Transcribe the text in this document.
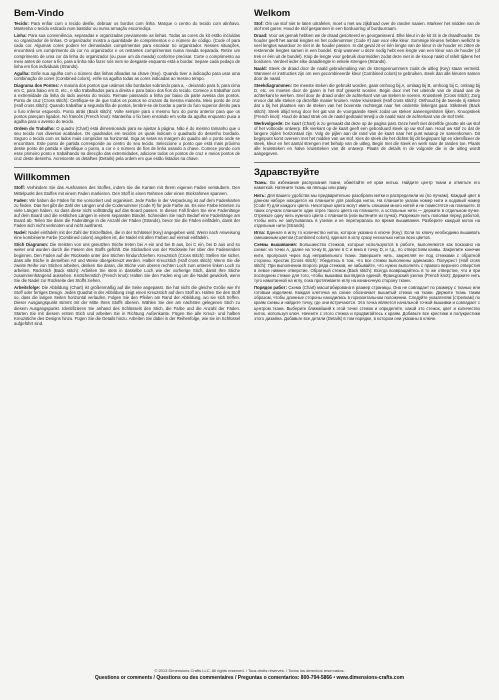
Bem-Vindo

Tecido: Para enfiar com o tecido desfie, debruar os bordos com linha. Marque o centro do tecido com alinhavo. Mantenha o tecido esticado num bastidor ou numa armação escorrediça.

Linha: Para sua conveniência, separadas e organizadas previamente as linhas. Todas as cores do kit estão incluídas no organizador de linhas. O organizador mostra a quantidade de comprimentos e o número de código. (Code of para cada cor. Algumas cores podem ter demasiados comprimentos para encaixar no organizador. Nesses situações, encontrará um comprimento da cor no organizador e os restantes comprimentos numa meada separada. Retire um comprimento de uma cor da linha do organizador (ou puxe um da meada) conforme precisar. Corte o comprimento ao meio antes de coser a fio, para a linha não fazer nós nem se desgaste enquanto está a bordar. Separe cada pedaço de linha em fios individuais (Strands).

Agulha: Enfie sua agulha com o número das linhas afixadas na chave (Key). Quando tiver a indicação para usar uma combinação de cores (Combined colors), enfie na agulha todas as cores indicadas ao mesmo tempo.

Diagrama dos Pontos: A maioria dos pontos que usámos são bordados sobrando para a, - deixando para b, para cima em C, para baixo em D, etc., e são trabalhados para a direita e para baixo dos fios do tecido. Comece a trabalhar com a extremidade da linha do lado avesso do tecido. Remate passando a linha por baixo da parte avessa dos pontos. Ponto de cruz (Cross stitch): Certifique-se de que todos os pontos se cruzam da mesma maneira. Meio ponto de cruz (Half cross stitch): Quando trabalhar a segunda fila de pontos, lembre-se de bordar a partir do furo superior direito para o furo inferior esquerdo. Ponto atrás (Back stitch): Volte sempre para o mesmo furo do ponto anterior para que os pontos pareçam ligados. Nó francês (French knot): Mantenha o fio bem enrolado em volta da agulha enquanto puxa a agulha para o avesso do tecido.

Ordem do Trabalho: O quadro (Chart) está dimensionado para se ajustar à página. Não é do mesmo tamanho que o seu tecido nos diversos acabados. Os quadrados em tecidos os quais indicam o quadrado do desenho bordado. Seguro o tecido com os lados mais compridos na horizontal. Siga as setas na margem do quadro até o ponto onde se encontram. Este ponto de partida corresponde ao centro do seu tecido. Seleccione o ponto que está mais próximo desse ponto de partida e identifique o ponto, a cor e o número de fios de linha usando a chave. Comece pondo com esse primeiro ponto e trabalhando na direcção das extremidades, adicione todos os pontos de cruz e meios pontos de cruz deste desenho. Acrescente os detalhes (Details) pela ordem em que estão listados na chave.

Willkommen

Stoff: Verhindern Sie das Ausfransen des Stoffes, indem Sie die Kanten mit Ihrem eigenen Faden versäubern. Den Mittelpunkt des Stoffes mit einem Faden markieren. Den Stoff in einen Rahmen oder einen Stickrahmen spannen.

Faden: Wir haben die Fäden für Sie vorsortiert und organisiert. Jede Farbe in der Verpackung ist auf dem Fadenkarten zu finden. Das Set gibt die Zahl der Längen und die Codenummer (Code #) für jede Farbe an. Es eine Farbe könnten zu viele Längen haben, so dass diese nicht vollständig auf das Board passen. In diesen Fall finden Sie eine Fadenlänge auf dem Board und die restlichen Längen in einem separaten Bündel. Schneiden Sie nach Bedarf eine Fadenlänge am Board ab. Teilen Sie dann die Fadenlänge in die Anzahl der Fäden (Strands), bevor Sie die Fäden einfädeln, damit der Faden sich nicht verknoten und nicht ausfranst.

Nadel: Nadel einfädeln mit der Zahl der Einzelfäden, die in der Schlüssel (Key) angegeben wird. Wenn nach Anweisung eine kombinierte Farbe (Combined colors) angeben ist, die Nadel mit allen Farben auf einmal einfädeln.

Stich Diagramm: Die meisten von uns genutzten Stiche treten bei A ein und bei B aus, bei C ein, bei D aus und so weiter und wurden durch die Fasern des Stoffs gefühlt. Die Stickarbeit von der Rückseite her über den Fadenenden beginnen. Den Faden auf der Rückseite unter den Stichen hindurchziehen. Kreuzstich (Cross stitch): Stellen Sie sicher, dass alle Stiche in derselben Art und Weise übergekreuzt werden. Halber Kreuzstich (Half cross stitch): Wenn Sie die zweite Reihe von Stichen arbeiten, denken Sie daran, die Stiche vom oberen rechten Loch zum unteren linken Loch zu arbeiten. Rückstich (Back stitch): Arbeiten Sie stets in dasselbe Loch wie der vorherige Stich, damit Ihre Stiche zusammenhängend aussehen. Knötchenstich (French knot): Halten Sie den Faden eng um die Nadel gewickelt, wenn Sie die Nadel zur Rückseite des Stoffs ziehen.

Arbeitsfolge: Die Abbildung (Chart) ist größenmäßig auf die Seite angepasst. Sie hat nicht die gleiche Größe wie Ihr Stoff oder fertiges Design. Jedes Quadrat in der Abbildung zeigt einen Kreuzstich auf dem Stoff an. Halten Sie den Stoff so, dass die langen Seiten horizontal verlaufen. Folgen Sie den Pfeilen am Rand der Abbildung, wo sie sich treffen. Dieser Ausgangspunkt stimmt mit der Mitte Ihres Stoffs überein. Wählen Sie den am nächsten gelegenen Stich zu diesem Ausgangspunkt. Identifizieren Sie anhand des Schlüssels den Stich, die Farbe und die Anzahl der Fäden. Starten Sie mit diesem ersten Stich und arbeiten Sie in Richtung Außenkante. Fügen Sie alle Kreuz- und halben Kreuzstiche des Designs hinzu. Fügen Sie die Details hinzu. Arbeiten Sie dabei in der Reihenfolge, wie sie im Schlüssel aufgeführt sind.

Welkom

Stof: Om uw stof niet te laten uitrafelen, moet u met uw zijkdraad over de randen naaien. Markeer het midden van de stof met garen. Houd de stof gespannen in een borduurring of borduurraam.

Draad: Voor uw gemak hebben we de draad gesorteerd en georganiseerd. Elke kleur in de kit zit in de draadhouder. De houder geeft het aantal lengtes en het codenummer (Code #) aan voor elke kleur. Sommige kleuren hebben wellicht te veel lengtes waardoor ze niet in de houder passen. In dat geval zit er één lengte van de kleur in de houder en zitten de resterende lengtes samen in een bundel. Knip wanneer u deze nodig hebt een lengte van een kleur van de houder (of trek er één uit de bundel). Knip de lengte voor gebruik doormidden zodat deze niet in de knoop raakt of rafelt tijdens het borduren. Verdeel ieder elke draadlengte in enkele strengen (Strands).

Naald: Steek de draad door de naald gebruikmaking van de strengennummers zoals de uitleg (Key) staan vermeld. Wanneer er instructies zijn om een gecombineerde kleur (Combined colors) te gebruiken, steek dan alle kleuren samen door de naald.

Steekdiagrammen: De meeste steken die gebruikt worden, gaan omhoog bij A, omlaag bij B, omhoog bij C, omlaag bij D, etc. en moeten door de garen in het stof gewerkt worden. Begin door met het uiteinde van de draad aan de achterkant te werken. Snel door de draad onder de achterkant van uw steken te voeren. Kruissteek (Cross stitch): Zorg ervoor dat alle steken op dezelfde manier kruisen. Halve kruissteek (Half cross stitch): Onthoud bij de tweede rij steken dat u bij het plaatsen van de steken van het bovenste rechtergat naar het onderste linkergat gaat. Stiksteek (Back stitch): Steek altijd terug door het gat van de voorgaande steek zodat uw steken aaneengesloten lijken. Knoopsteek (French knot): Houd de draad strak om de naald gedraaid terwijl u de naald naar de achterkant van de stof trekt.

Werkvolgorde: De kaart (Chart) is zo gemaakt dat deze op de pagina past. Deze heeft niet dezelfde grootte als uw stof of het voltooide ontwerp. Elk vierkant op de kaart geeft een geborduurd steek op uw stof aan. Houd uw stof zo dat de langere zijden horizontaal zijn. Volg de pijlen aan de rand van de kaart naar het punt waarop ze samenkomen. Dit beginpunt komt overeen met het midden van uw stof. Kies de steek die het dichtst bij dit beginpunt ligt en identificeer de steek, kleur en het aantal strengen met behulp van de uitleg. Begin met die steek en werk naar de randen toe. Plaats alle kruissteken en halve kruissteken van dit ontwerp. Plaats de details in de volgorde die in de uitleg wordt aangegeven.

Здравствуйте

Ткань: Во избежание распускания ткани, обметайте её края нитью. Найдите центр ткани и отметьте его наметкой. Натяните ткань на пяльцы или раму.

Нить: Для вашего удобства мы предварительно разобрали нитки и распределили их (по пучкам). Каждый цвет в данном наборе находится на планшете для разбора ниток. На планшете указан номер нити и кодовый номер (Code #) для каждого цвета. Некоторые цвета могут иметь слишком много нитей и не поместятся на планшете. В таких случаях планшете один отрез такого цвета на планшете, а остальные нити — держите в отдельном пучке. Отрежьте одну нить нужного цвета с планшета (или вытяните из пучка). Разрежьте нить пополам перед работой, чтобы нить не запутывалась в узелки и не перетиралась во время вышивания. Разберите каждый моток на отдельные нити (Strands).

Игла: Вденьте в иглу то количество ниток, которое указано в ключе (Key). Если по ключу необходимо вышивать смешанным цветом (Combined colors), вденьте в иглу сразу несколько ниток всех цветов.

Схемы вышивания: Большинство стежков, которые используются в работе, выполняются как показано на схеме: из точки A, далее на точку B, далее в C и вниз в точку D, и т.д., по отверстиям канвы. Закрепите конечик нити, пропуская через под неправильного ткани. Завершите нить, закрепляя ее под стежками с обратной стороны. Крестик (Cross stitch): Убедитесь в том, что все стежки выполнены одинаково. Полукрест (Half cross stitch): При выполнении второго ряда стежков, не забывайте, что нужно выполнять с правого верхнего отверстия в левое нижнее отверстие. Обратный стежок (Back stitch): Всегда возвращайтесь в то же отверстие, что и при последнем стежке для того, чтобы вышивка выглядела единой. Французский узелок (French knot): Держите нить туго намотанной на иглу, пока протягиваете иглу на изнаночную сторону ткани.

Порядок работ: Схема (Chart) масштабирована в размер страницы. Она не совпадает по размеру с тканью или готовым изделием. Каждая клеточка на схеме обозначает вышитый стежок на ткани. Держите ткань таким образом, чтобы длинные стороны находились в горизонтальном положении. Следуйте указателям (стрелкам) по краям схемы и найдите точку, где они встречаются. Эта точка является начальной точкой вышивки и совпадает с центром ткани. Выберите ближайший к этой точке стежок и определите, какой это стежок, цвет и количество ниток, используя ключ. Начните с этого стежка и продвигайтесь к краям. Добавьте все крестики и полукрестики этого дизайна. Добавьте все детали (Details) в том порядке, в котором они указаны в ключе.

© 2013 Dimensions Crafts LLC. All rights reserved. / Tous droits réservés. / Todos los derechos reservados.
Questions or comments / Questions ou des commentaires / Preguntas o comentarios: 800-794-5866 • www.dimensions-crafts.com
